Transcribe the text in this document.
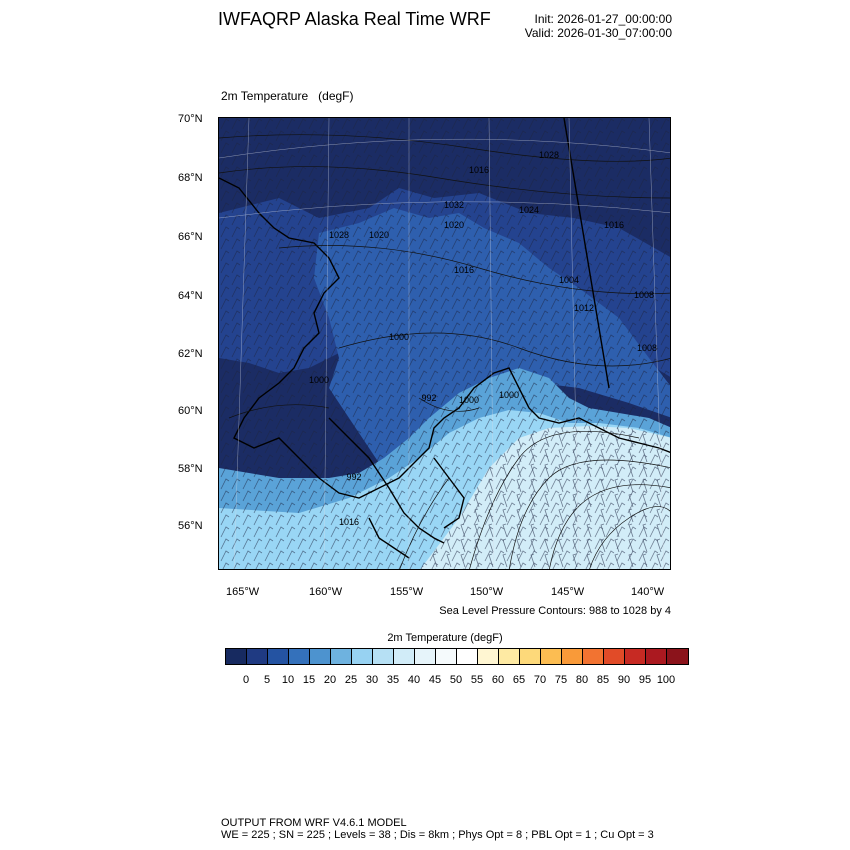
IWFAQRP Alaska Real Time WRF	Init: 2026-01-27_00:00:00
Valid: 2026-01-30_07:00:00

2m Temperature   (degF)

1028
1016
1024
1016
1032
1020
1020
1028
1016
1004
1012
1008
1000
1008
1000
992 1000 1000
992
1016
70°N
68°N
66°N
64°N
62°N
60°N
58°N
56°N
165°W	160°W	155°W	150°W	145°W	140°W
Sea Level Pressure Contours: 988 to 1028 by 4
2m Temperature (degF)
0	5	10 15 20 25 30 35 40 45 50 55 60 65 70 75 80 85 90 95 100
OUTPUT FROM WRF V4.6.1 MODEL
WE = 225 ; SN = 225 ; Levels = 38 ; Dis = 8km ; Phys Opt = 8 ; PBL Opt = 1 ; Cu Opt = 3
